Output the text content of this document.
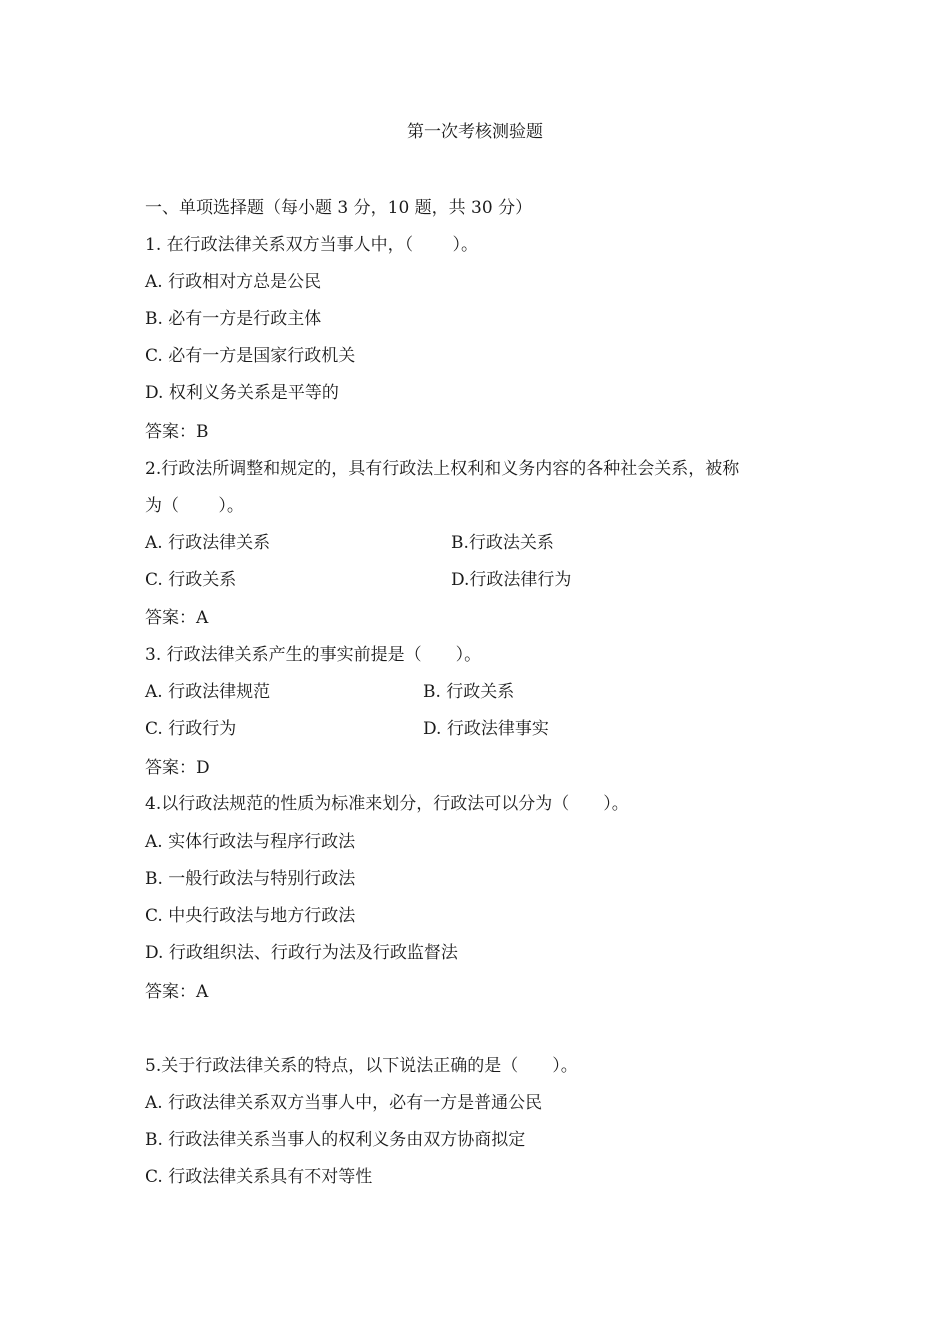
第一次考核测验题
一、单项选择题（每小题 3 分，10 题，共 30 分）
1. 在行政法律关系双方当事人中，（　　 ）。
A. 行政相对方总是公民
B. 必有一方是行政主体
C. 必有一方是国家行政机关
D. 权利义务关系是平等的
答案：B
2.行政法所调整和规定的，具有行政法上权利和义务内容的各种社会关系，被称
为（　　 ）。
A. 行政法律关系	B.行政法关系
C. 行政关系	D.行政法律行为
答案：A
3. 行政法律关系产生的事实前提是（　　）。
A. 行政法律规范	B. 行政关系
C. 行政行为	D. 行政法律事实
答案：D
4.以行政法规范的性质为标准来划分，行政法可以分为（　　）。
A. 实体行政法与程序行政法
B. 一般行政法与特别行政法
C. 中央行政法与地方行政法
D. 行政组织法、行政行为法及行政监督法
答案：A
5.关于行政法律关系的特点，以下说法正确的是（　　）。
A. 行政法律关系双方当事人中，必有一方是普通公民
B. 行政法律关系当事人的权利义务由双方协商拟定
C. 行政法律关系具有不对等性
